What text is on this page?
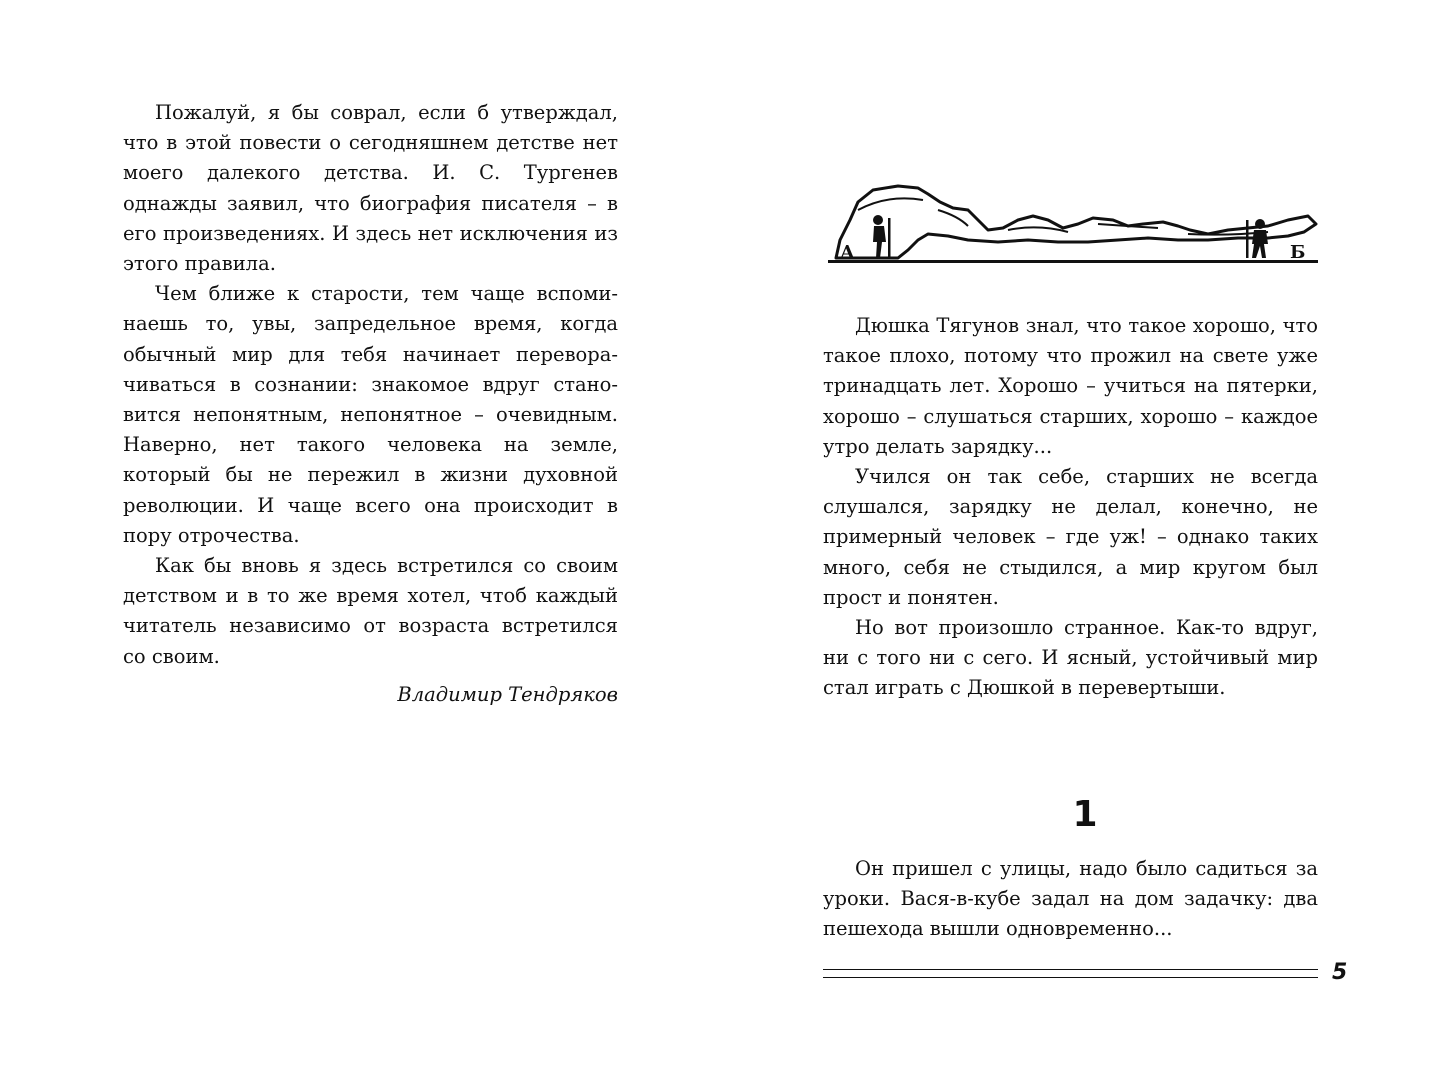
Пожалуй, я бы соврал, если б утверждал, что в этой повести о сегодняшнем детстве нет моего далекого детства. И. С. Тургенев однажды заявил, что биография писателя – в его произведениях. И здесь нет исключения из этого правила.

Чем ближе к старости, тем чаще вспоминаешь то, увы, запредельное время, когда обычный мир для тебя начинает переворачиваться в сознании: знакомое вдруг становится непонятным, непонятное – очевидным. Наверно, нет такого человека на земле, который бы не пережил в жизни духовной революции. И чаще всего она происходит в пору отрочества.

Как бы вновь я здесь встретился со своим детством и в то же время хотел, чтоб каждый читатель независимо от возраста встретился со своим.

Владимир Тендряков

А	Б

Дюшка Тягунов знал, что такое хорошо, что такое плохо, потому что прожил на свете уже тринадцать лет. Хорошо – учиться на пятерки, хорошо – слушаться старших, хорошо – каждое утро делать зарядку...

Учился он так себе, старших не всегда слушался, зарядку не делал, конечно, не примерный человек – где уж! – однако таких много, себя не стыдился, а мир кругом был прост и понятен.

Но вот произошло странное. Как-то вдруг, ни с того ни с сего. И ясный, устойчивый мир стал играть с Дюшкой в перевертыши.

1

Он пришел с улицы, надо было садиться за уроки. Вася-в-кубе задал на дом задачку: два пешехода вышли одновременно...

5
